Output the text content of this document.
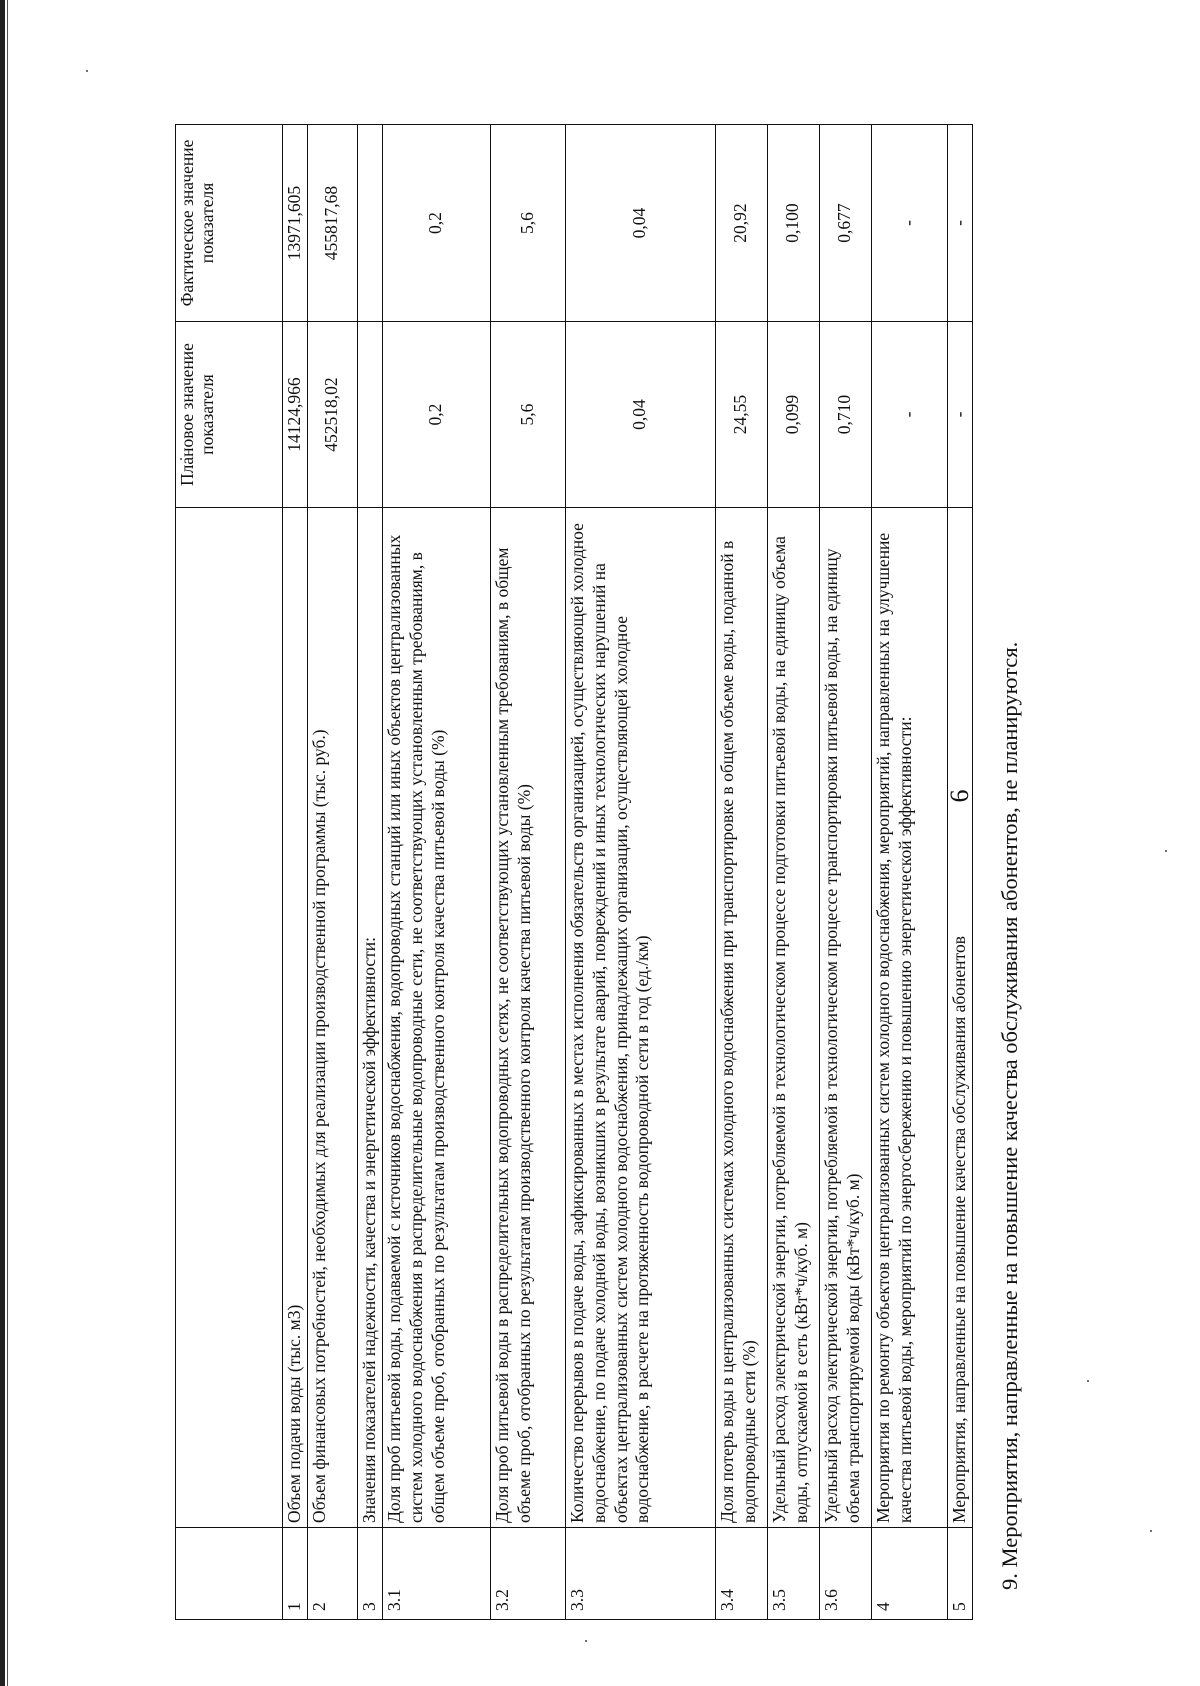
6
		Плановое значение показателя	Фактическое значение показателя
1	Объем подачи воды (тыс. м3)	14124,966	13971,605
2	Объем финансовых потребностей, необходимых для реализации производственной программы (тыс. руб.)	452518,02	455817,68
3	Значения показателей надежности, качества и энергетической эффективности:		
3.1	Доля проб питьевой воды, подаваемой с источников водоснабжения, водопроводных станций или иных объектов централизованных систем холодного водоснабжения в распределительные водопроводные сети, не соответствующих установленным требованиям, в общем объеме проб, отобранных по результатам производственного контроля качества питьевой воды (%)	0,2	0,2
3.2	Доля проб питьевой воды в распределительных водопроводных сетях, не соответствующих установленным требованиям, в общем объеме проб, отобранных по результатам производственного контроля качества питьевой воды (%)	5,6	5,6
3.3	Количество перерывов в подаче воды, зафиксированных в местах исполнения обязательств организацией, осуществляющей холодное водоснабжение, по подаче холодной воды, возникших в результате аварий, повреждений и иных технологических нарушений на объектах централизованных систем холодного водоснабжения, принадлежащих организации, осуществляющей холодное водоснабжение, в расчете на протяженность водопроводной сети в год (ед./км)	0,04	0,04
3.4	Доля потерь воды в централизованных системах холодного водоснабжения при транспортировке в общем объеме воды, поданной в водопроводные сети (%)	24,55	20,92
3.5	Удельный расход электрической энергии, потребляемой в технологическом процессе подготовки питьевой воды, на единицу объема воды, отпускаемой в сеть (кВт*ч/куб. м)	0,099	0,100
3.6	Удельный расход электрической энергии, потребляемой в технологическом процессе транспортировки питьевой воды, на единицу объема транспортируемой воды (кВт*ч/куб. м)	0,710	0,677
4	Мероприятия по ремонту объектов централизованных систем холодного водоснабжения, мероприятий, направленных на улучшение качества питьевой воды, мероприятий по энергосбережению и повышению энергетической эффективности:	-	-
5	Мероприятия, направленные на повышение качества обслуживания абонентов	-	-
9. Мероприятия, направленные на повышение качества обслуживания абонентов, не планируются.
